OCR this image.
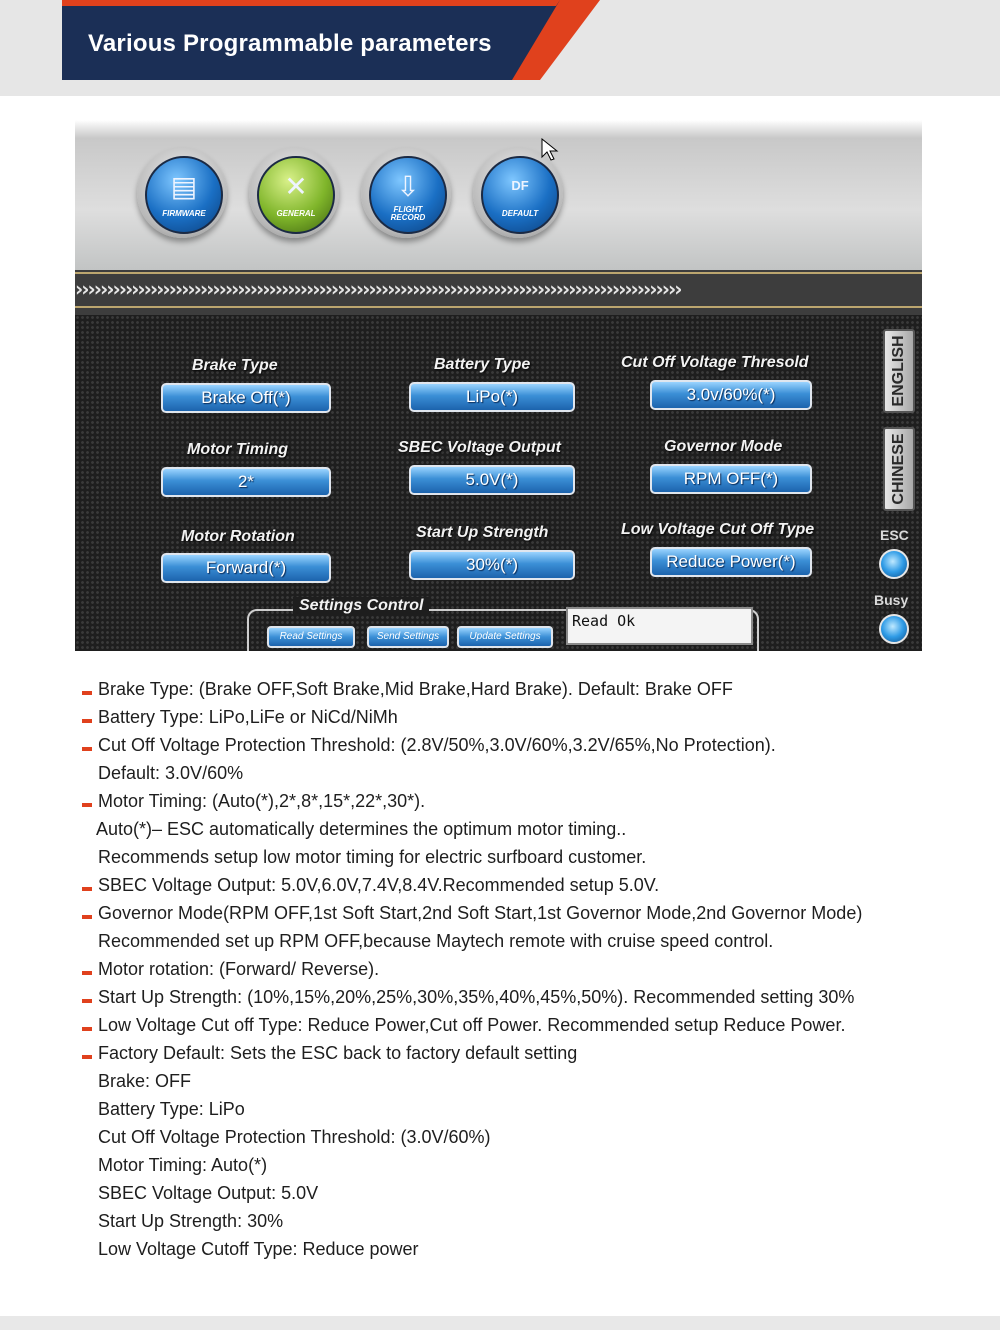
Various Programmable parameters
▤
FIRMWARE
✕
GENERAL
⇩
FLIGHT
RECORD
DF
DEFAULT
›››››››››››››››››››››››››››››››››››››››››››››››››››››››››››››››››››››››››››››››››››››››››››››››››
Brake Type
Brake Off(*)
Battery Type
LiPo(*)
Cut Off Voltage Thresold
3.0v/60%(*)
Motor Timing
2*
SBEC Voltage Output
5.0V(*)
Governor Mode
RPM OFF(*)
Motor Rotation
Forward(*)
Start Up Strength
30%(*)
Low Voltage Cut Off Type
Reduce Power(*)
ENGLISH
CHINESE
ESC
Busy
Settings Control
Read Settings	Send Settings	Update Settings
Read Ok
Brake Type: (Brake OFF,Soft Brake,Mid Brake,Hard Brake). Default: Brake OFF
Battery Type: LiPo,LiFe or NiCd/NiMh
Cut Off Voltage Protection Threshold: (2.8V/50%,3.0V/60%,3.2V/65%,No Protection).
Default: 3.0V/60%
Motor Timing: (Auto(*),2*,8*,15*,22*,30*).
Auto(*)– ESC automatically determines the optimum motor timing..
Recommends setup low motor timing for electric surfboard customer.
SBEC Voltage Output: 5.0V,6.0V,7.4V,8.4V.Recommended setup 5.0V.
Governor Mode(RPM OFF,1st Soft Start,2nd Soft Start,1st Governor Mode,2nd Governor Mode)
Recommended set up RPM OFF,because Maytech remote with cruise speed control.
Motor rotation: (Forward/ Reverse).
Start Up Strength: (10%,15%,20%,25%,30%,35%,40%,45%,50%). Recommended setting 30%
Low Voltage Cut off Type: Reduce Power,Cut off Power. Recommended setup Reduce Power.
Factory Default: Sets the ESC back to factory default setting
Brake: OFF
Battery Type: LiPo
Cut Off Voltage Protection Threshold: (3.0V/60%)
Motor Timing: Auto(*)
SBEC Voltage Output: 5.0V
Start Up Strength: 30%
Low Voltage Cutoff Type: Reduce power
